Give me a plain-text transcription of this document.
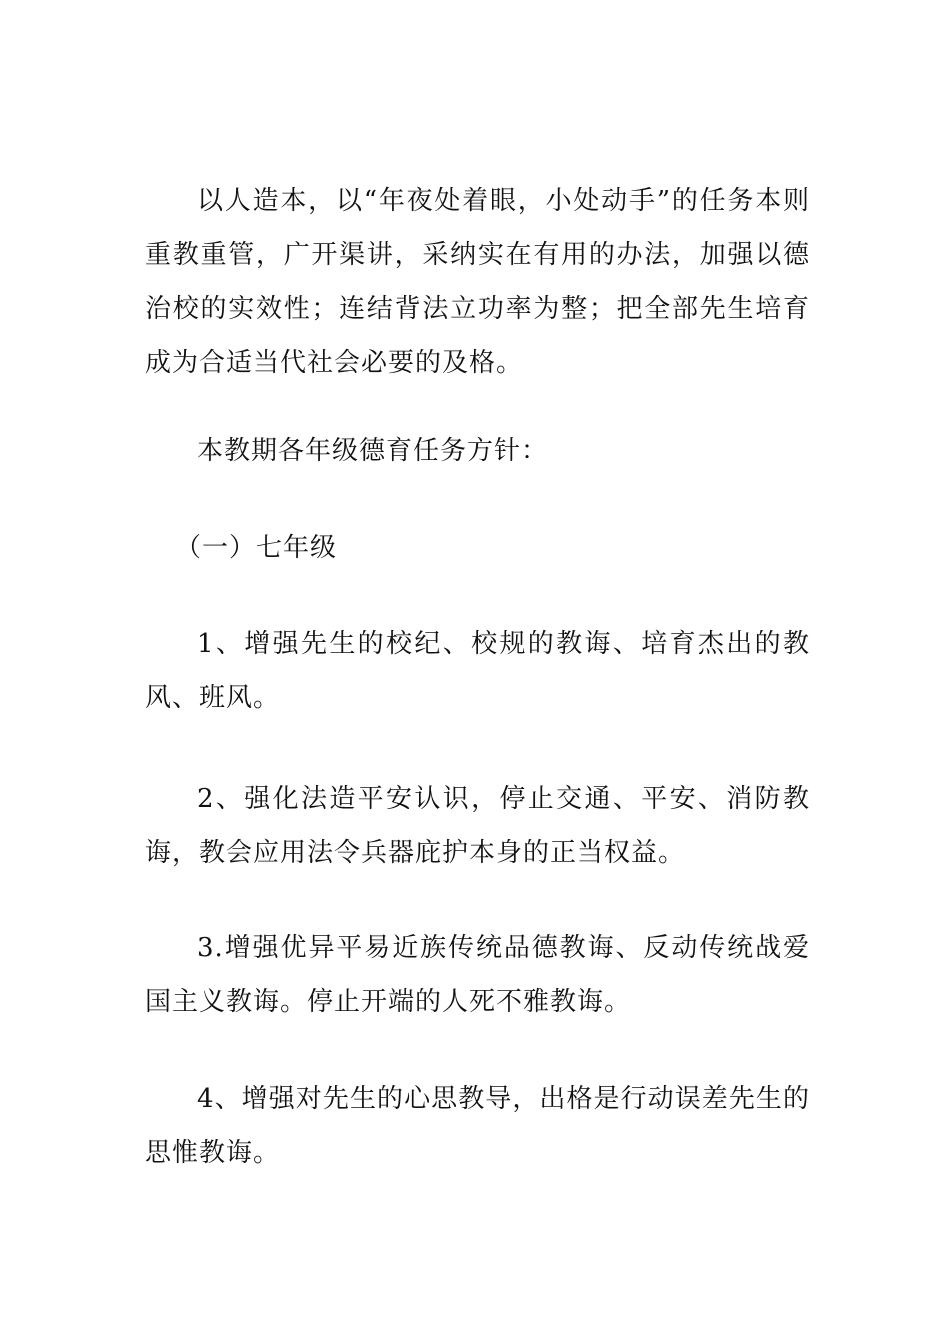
以人造本，以“年夜处着眼，小处动手”的任务本则重教重管，广开渠讲，采纳实在有用的办法，加强以德治校的实效性；连结背法立功率为整；把全部先生培育成为合适当代社会必要的及格。

本教期各年级德育任务方针：

（一）七年级

1、增强先生的校纪、校规的教诲、培育杰出的教风、班风。

2、强化法造平安认识，停止交通、平安、消防教诲，教会应用法令兵器庇护本身的正当权益。

3.增强优异平易近族传统品德教诲、反动传统战爱国主义教诲。停止开端的人死不雅教诲。

4、增强对先生的心思教导，出格是行动误差先生的思惟教诲。
